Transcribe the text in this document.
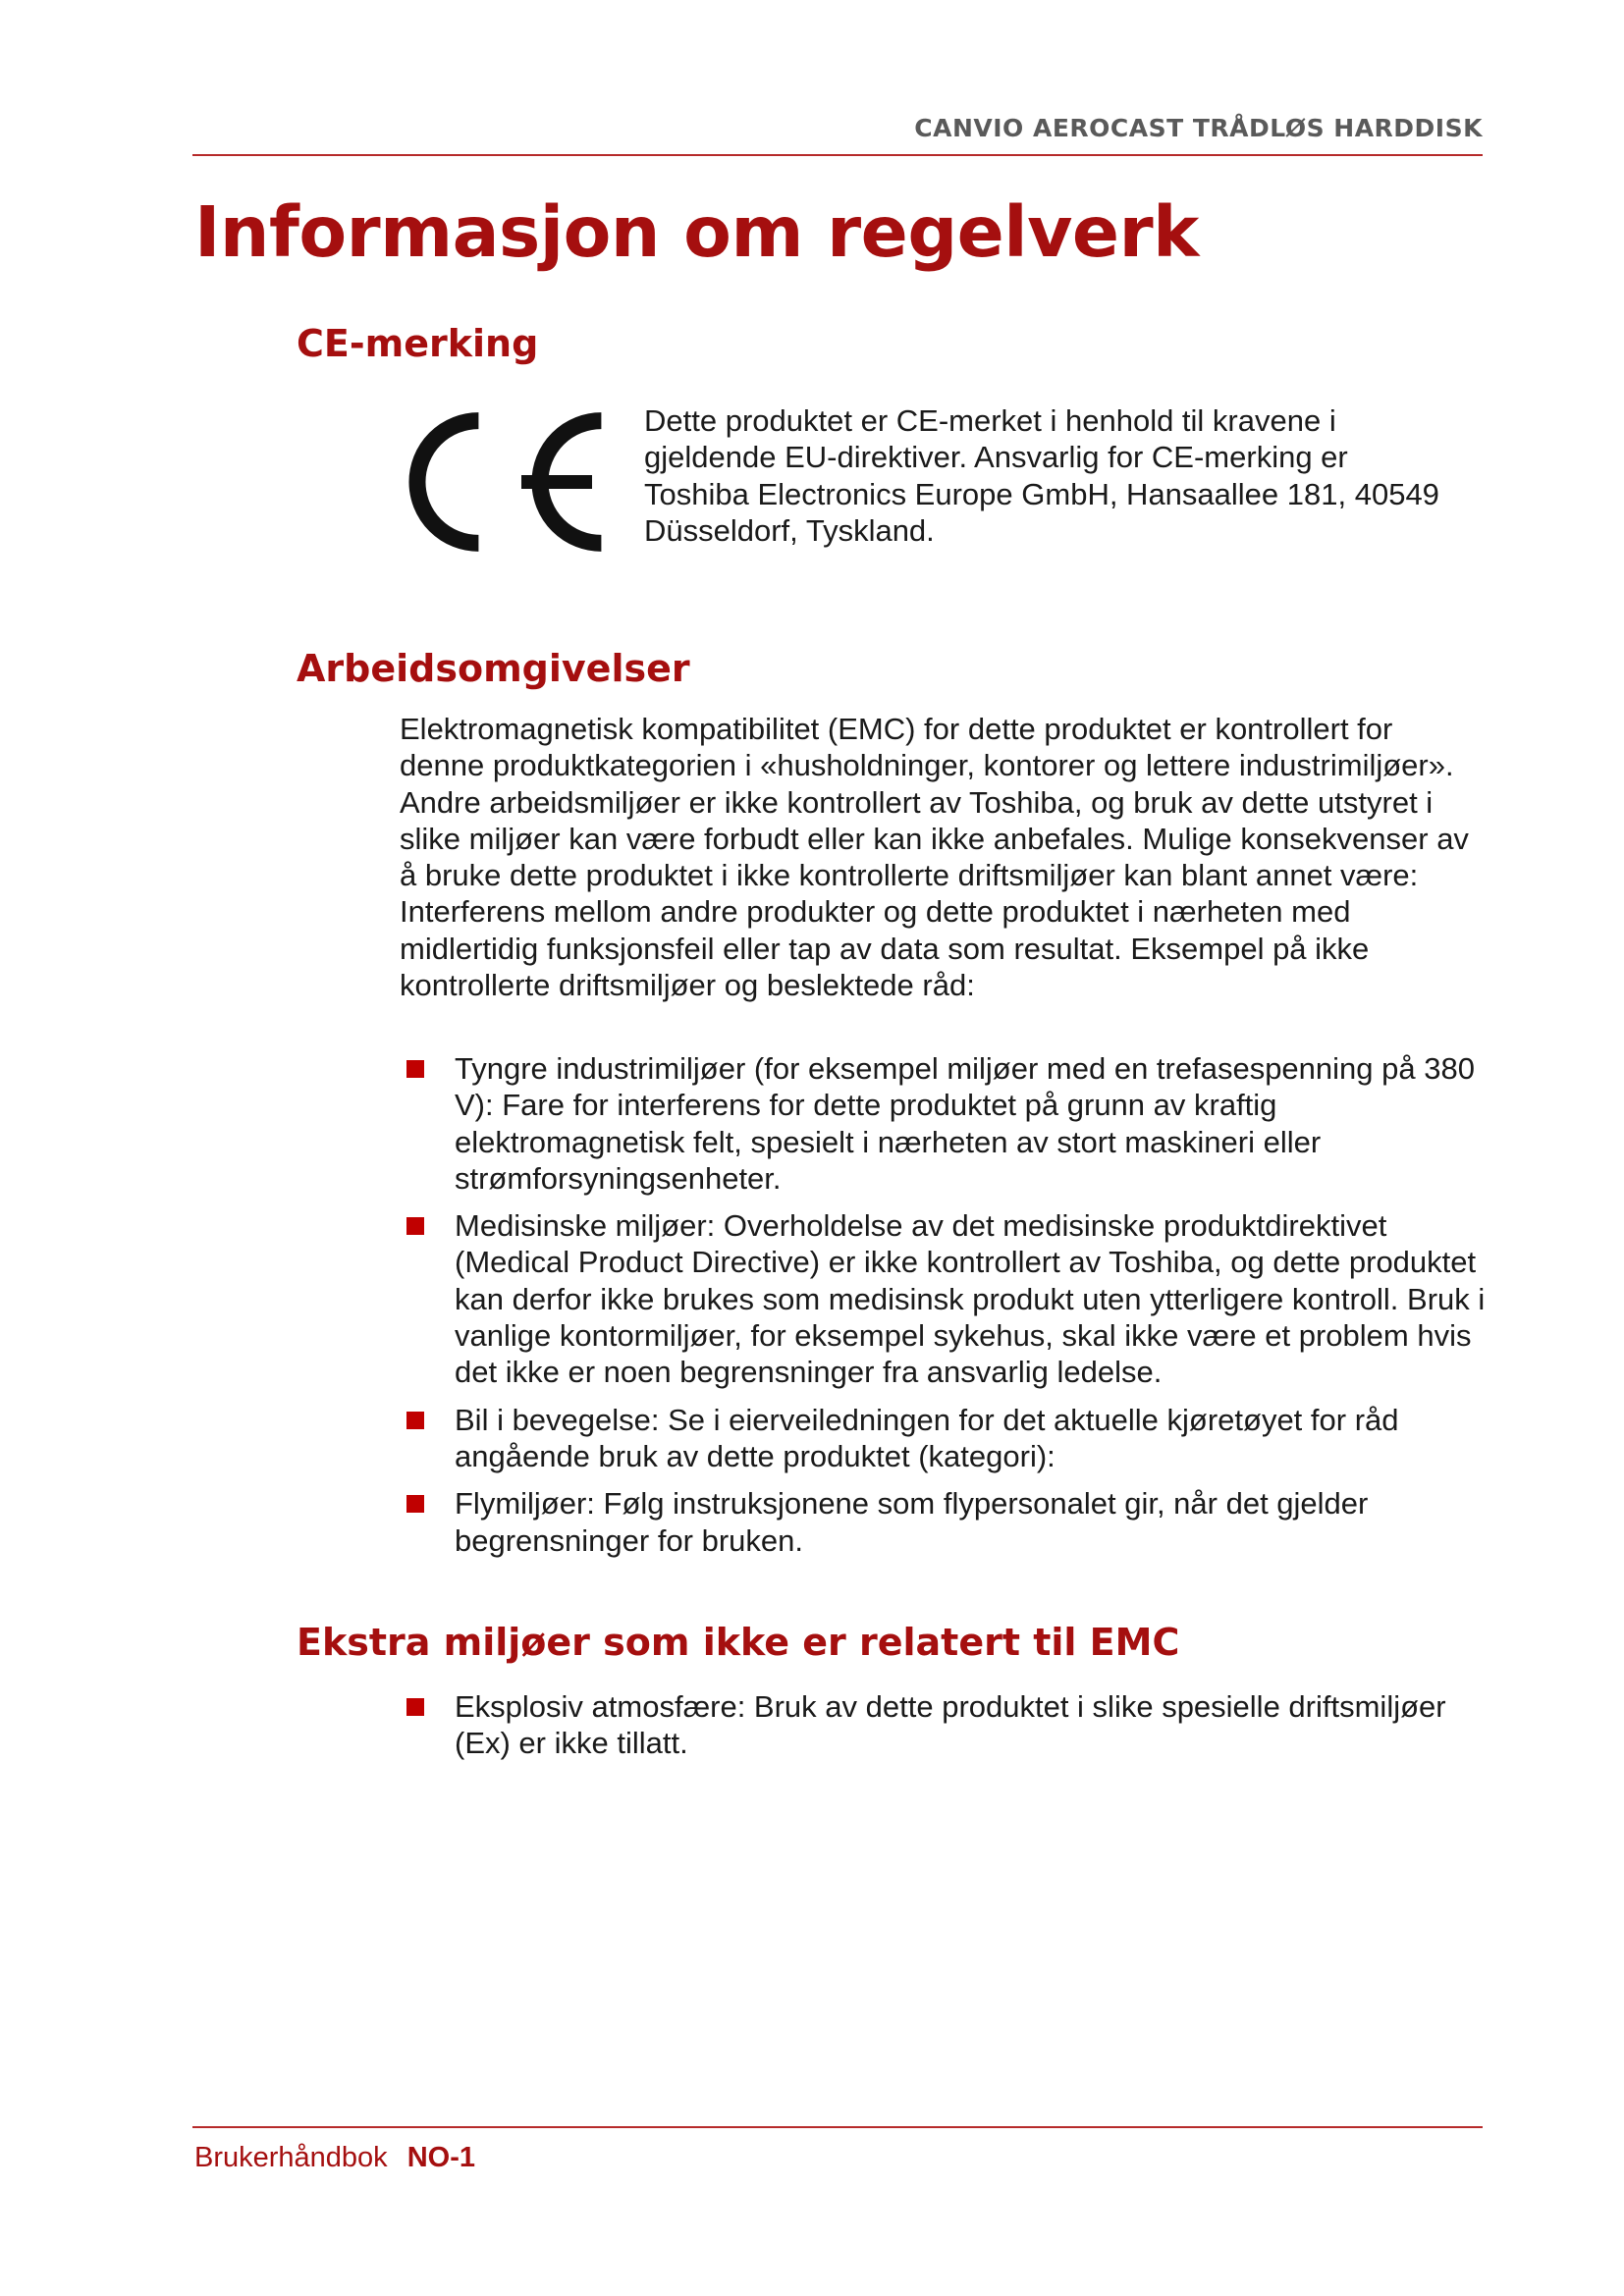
CANVIO AEROCAST TRÅDLØS HARDDISK
Informasjon om regelverk
CE-merking

Dette produktet er CE-merket i henhold til kravene i gjeldende EU-direktiver. Ansvarlig for CE-merking er Toshiba Electronics Europe GmbH, Hansaallee 181, 40549 Düsseldorf, Tyskland.

Arbeidsomgivelser

Elektromagnetisk kompatibilitet (EMC) for dette produktet er kontrollert for denne produktkategorien i «husholdninger, kontorer og lettere industrimiljøer». Andre arbeidsmiljøer er ikke kontrollert av Toshiba, og bruk av dette utstyret i slike miljøer kan være forbudt eller kan ikke anbefales. Mulige konsekvenser av å bruke dette produktet i ikke kontrollerte driftsmiljøer kan blant annet være: Interferens mellom andre produkter og dette produktet i nærheten med midlertidig funksjonsfeil eller tap av data som resultat. Eksempel på ikke kontrollerte driftsmiljøer og beslektede råd:

Tyngre industrimiljøer (for eksempel miljøer med en trefasespenning på 380 V): Fare for interferens for dette produktet på grunn av kraftig elektromagnetisk felt, spesielt i nærheten av stort maskineri eller strømforsyningsenheter.
Medisinske miljøer: Overholdelse av det medisinske produktdirektivet (Medical Product Directive) er ikke kontrollert av Toshiba, og dette produktet kan derfor ikke brukes som medisinsk produkt uten ytterligere kontroll. Bruk i vanlige kontormiljøer, for eksempel sykehus, skal ikke være et problem hvis det ikke er noen begrensninger fra ansvarlig ledelse.
Bil i bevegelse: Se i eierveiledningen for det aktuelle kjøretøyet for råd angående bruk av dette produktet (kategori):
Flymiljøer: Følg instruksjonene som flypersonalet gir, når det gjelder begrensninger for bruken.
Ekstra miljøer som ikke er relatert til EMC
Eksplosiv atmosfære: Bruk av dette produktet i slike spesielle driftsmiljøer (Ex) er ikke tillatt.
Brukerhåndbok NO-1
